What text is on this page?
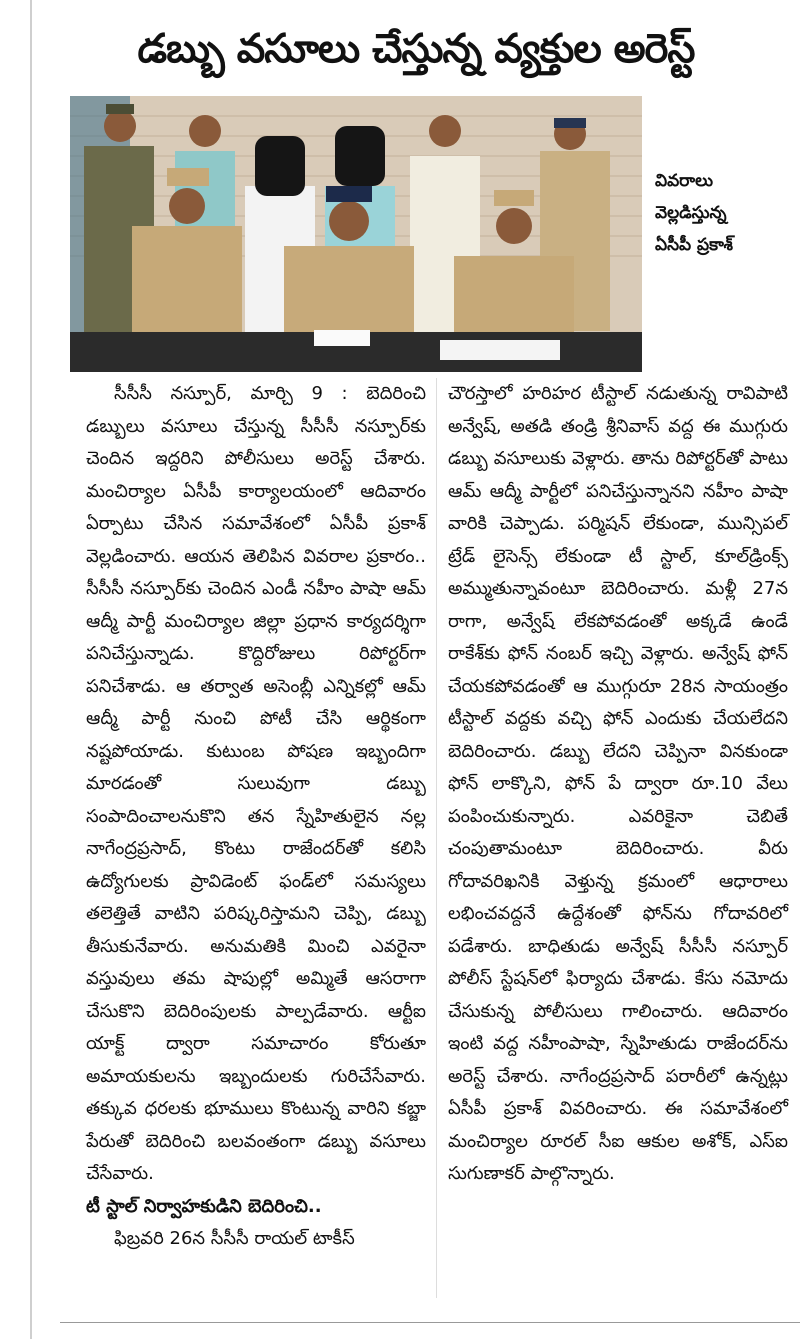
డబ్బు వసూలు చేస్తున్న వ్యక్తుల అరెస్ట్
వివరాలు
వెల్లడిస్తున్న
ఏసీపీ ప్రకాశ్

సీసీసీ నస్పూర్, మార్చి 9 : బెదిరించి డబ్బులు వసూలు చేస్తున్న సీసీసీ నస్పూర్‌కు చెందిన ఇద్దరిని పోలీసులు అరెస్ట్ చేశారు. మంచిర్యాల ఏసీపీ కార్యాలయంలో ఆదివారం ఏర్పాటు చేసిన సమావేశంలో ఏసీపీ ప్రకాశ్ వెల్లడించారు. ఆయన తెలిపిన వివరాల ప్రకారం.. సీసీసీ నస్పూర్‌కు చెందిన ఎండీ నహీం పాషా ఆమ్ ఆద్మీ పార్టీ మంచిర్యాల జిల్లా ప్రధాన కార్యదర్శిగా పనిచేస్తున్నాడు. కొద్దిరోజులు రిపోర్టర్‌గా పనిచేశాడు. ఆ తర్వాత అసెంబ్లీ ఎన్నికల్లో ఆమ్ ఆద్మీ పార్టీ నుంచి పోటీ చేసి ఆర్థికంగా నష్టపోయాడు. కుటుంబ పోషణ ఇబ్బందిగా మారడంతో సులువుగా డబ్బు సంపాదించాలనుకొని తన స్నేహితులైన నల్ల నాగేంద్రప్రసాద్, కొంటు రాజేందర్‌తో కలిసి ఉద్యోగులకు ప్రావిడెంట్ ఫండ్‌లో సమస్యలు తలెత్తితే వాటిని పరిష్కరిస్తామని చెప్పి, డబ్బు తీసుకునేవారు. అనుమతికి మించి ఎవరైనా వస్తువులు తమ షాపుల్లో అమ్మితే ఆసరాగా చేసుకొని బెదిరింపులకు పాల్పడేవారు. ఆర్టీఐ యాక్ట్ ద్వారా సమాచారం కోరుతూ అమాయకులను ఇబ్బందులకు గురిచేసేవారు. తక్కువ ధరలకు భూములు కొంటున్న వారిని కబ్జా పేరుతో బెదిరించి బలవంతంగా డబ్బు వసూలు చేసేవారు.

టీ స్టాల్ నిర్వాహకుడిని బెదిరించి..

ఫిబ్రవరి 26న సీసీసీ రాయల్ టాకీస్

చౌరస్తాలో హరిహర టీస్టాల్ నడుతున్న రావిపాటి అన్వేష్, అతడి తండ్రి శ్రీనివాస్ వద్ద ఈ ముగ్గురు డబ్బు వసూలుకు వెళ్లారు. తాను రిపోర్టర్‌తో పాటు ఆమ్ ఆద్మీ పార్టీలో పనిచేస్తున్నానని నహీం పాషా వారికి చెప్పాడు. పర్మిషన్ లేకుండా, మున్సిపల్ ట్రేడ్ లైసెన్స్ లేకుండా టీ స్టాల్, కూల్‌డ్రింక్స్ అమ్ముతున్నావంటూ బెదిరించారు. మళ్లీ 27న రాగా, అన్వేష్ లేకపోవడంతో అక్కడే ఉండే రాకేశ్‌కు ఫోన్ నంబర్ ఇచ్చి వెళ్లారు. అన్వేష్ ఫోన్ చేయకపోవడంతో ఆ ముగ్గురూ 28న సాయంత్రం టీస్టాల్ వద్దకు వచ్చి ఫోన్ ఎందుకు చేయలేదని బెదిరించారు. డబ్బు లేదని చెప్పినా వినకుండా ఫోన్ లాక్కొని, ఫోన్ పే ద్వారా రూ.10 వేలు పంపించుకున్నారు. ఎవరికైనా చెబితే చంపుతామంటూ బెదిరించారు. వీరు గోదావరిఖనికి వెళ్తున్న క్రమంలో ఆధారాలు లభించవద్దనే ఉద్దేశంతో ఫోన్‌ను గోదావరిలో పడేశారు. బాధితుడు అన్వేష్ సీసీసీ నస్పూర్ పోలీస్ స్టేషన్‌లో ఫిర్యాదు చేశాడు. కేసు నమోదు చేసుకున్న పోలీసులు గాలించారు. ఆదివారం ఇంటి వద్ద నహీంపాషా, స్నేహితుడు రాజేందర్‌ను అరెస్ట్ చేశారు. నాగేంద్రప్రసాద్ పరారీలో ఉన్నట్లు ఏసీపీ ప్రకాశ్ వివరించారు. ఈ సమావేశంలో మంచిర్యాల రూరల్ సీఐ ఆకుల అశోక్, ఎస్ఐ సుగుణాకర్ పాల్గొన్నారు.
